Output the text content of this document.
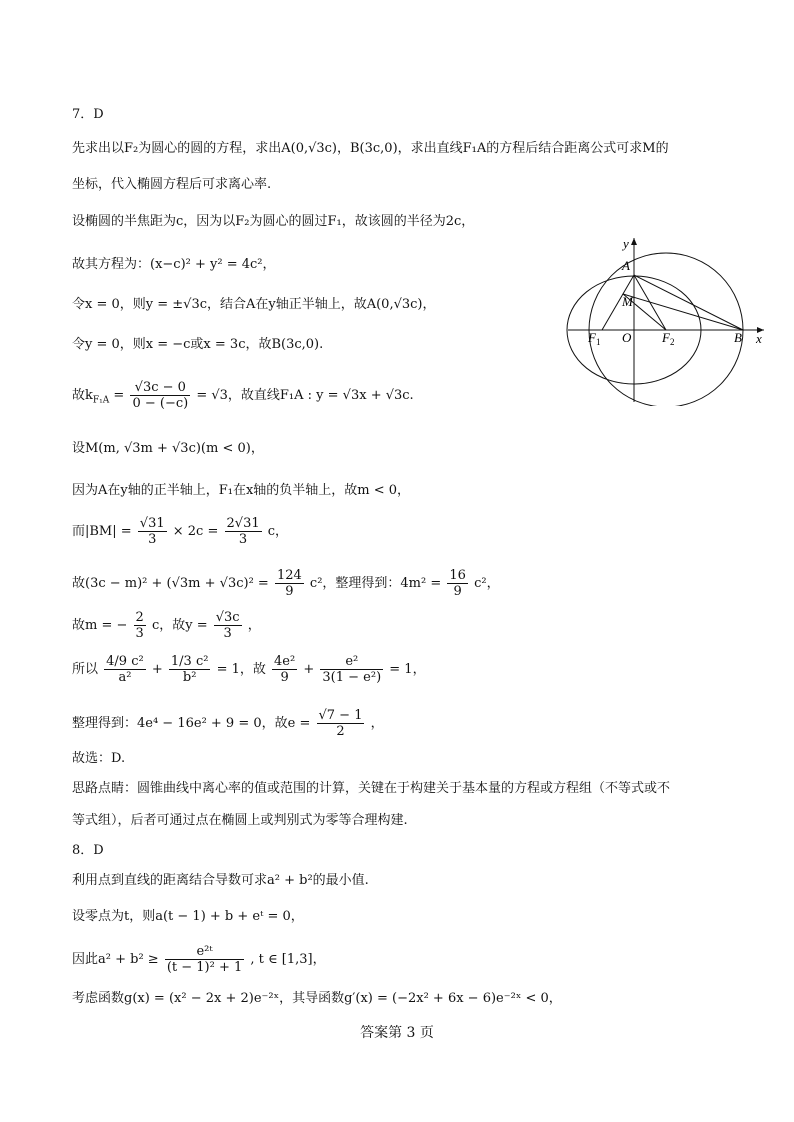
7．D
先求出以F₂为圆心的圆的方程，求出A(0,√3c)，B(3c,0)，求出直线F₁A的方程后结合距离公式可求M的
坐标，代入椭圆方程后可求离心率.
设椭圆的半焦距为c，因为以F₂为圆心的圆过F₁，故该圆的半径为2c，
故其方程为：(x−c)² + y² = 4c²，
令x = 0，则y = ±√3c，结合A在y轴正半轴上，故A(0,√3c)，
令y = 0，则x = −c或x = 3c，故B(3c,0).
故$k_{F_1A} = \frac{√3c - 0}{0 - (-c)} = √3$，故直线F₁A : y = √3x + √3c.
设M(m, √3m + √3c)(m < 0)，
因为A在y轴的正半轴上，F₁在x轴的负半轴上，故m < 0，
而$|BM| = \frac{√31}{3} \times 2c = \frac{2√31}{3}$ c，
故$(3c - m)^2 + (√3m + √3c)^2 = \frac{124}{9} c^2$，整理得到：$4m^2 = \frac{16}{9} c^2$，
故m = − $\frac{2}{3}$ c，故$y = \frac{√3c}{3}$ ，
所以 $\frac{\text{4/9 c²}}{\text{a²}} + \frac{\text{1/3 c²}}{\text{b²}} = 1$，故 $\frac{\text{4e²}}{9} + \frac{\text{e²}}{\text{3(1 − e²)}} = 1$，
整理得到：4e⁴ − 16e² + 9 = 0，故$e = \frac{√7 - 1}{2}$ ，
故选：D.
思路点睛：圆锥曲线中离心率的值或范围的计算，关键在于构建关于基本量的方程或方程组（不等式或不
等式组），后者可通过点在椭圆上或判别式为零等合理构建.
8．D
利用点到直线的距离结合导数可求a² + b²的最小值.
设零点为t，则a(t − 1) + b + eᵗ = 0，
因此$a^2 + b^2 \ge \frac{\text{e²ᵗ}}{\text{(t − 1)² + 1}}$ , t ∈ [1,3]，
考虑函数g(x) = (x² − 2x + 2)e⁻²ˣ，其导函数g′(x) = (−2x² + 6x − 6)e⁻²ˣ < 0，
y
x
A
M
$F_1$ O $F_2$	B
答案第 3 页
